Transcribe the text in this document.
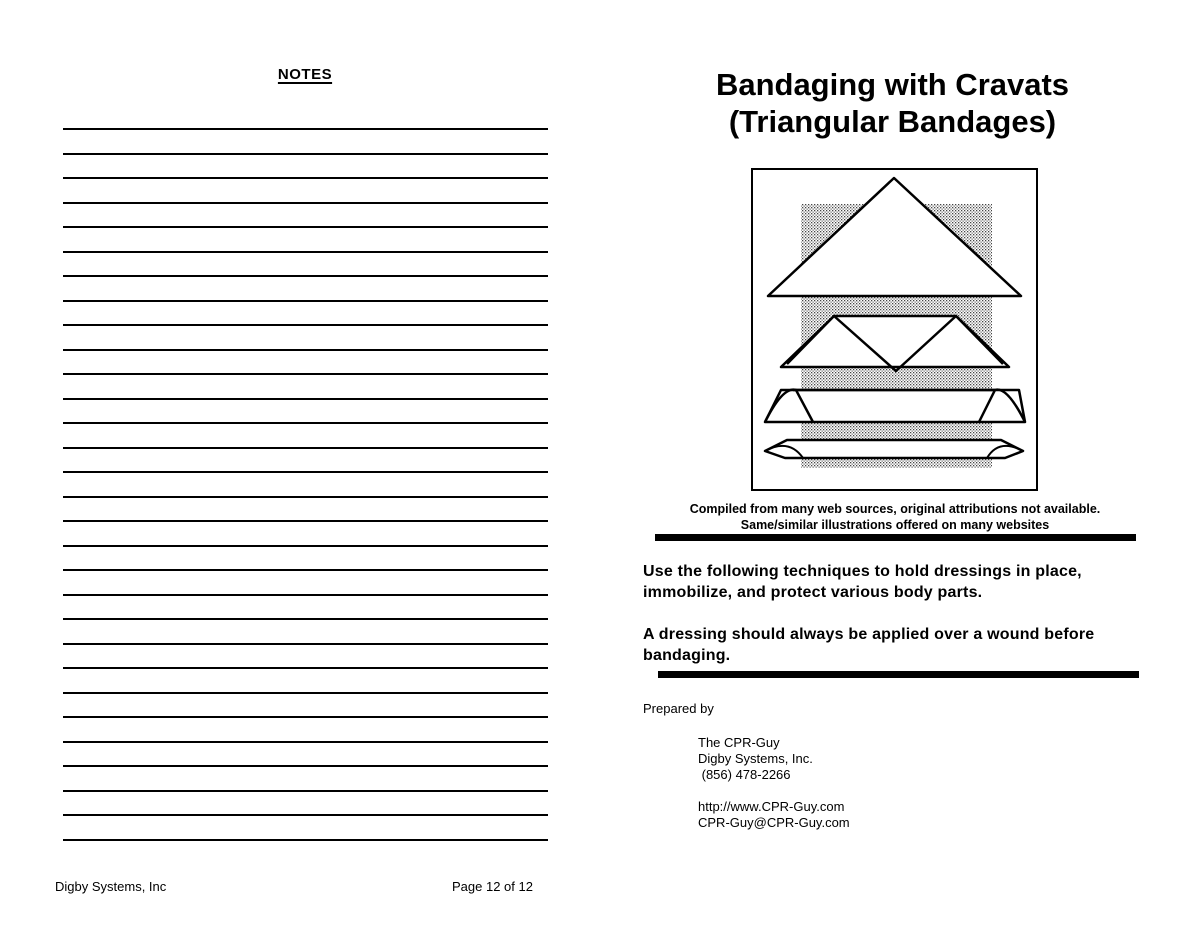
NOTES
Digby Systems, Inc	Page 12 of 12
Bandaging with Cravats
(Triangular Bandages)
Compiled from many web sources, original attributions not available.
Same/similar illustrations offered on many websites
Use the following techniques to hold dressings in place, immobilize, and protect various body parts.
A dressing should always be applied over a wound before bandaging.
Prepared by
The CPR-Guy
Digby Systems, Inc.
(856) 478-2266
http://www.CPR-Guy.com
CPR-Guy@CPR-Guy.com
